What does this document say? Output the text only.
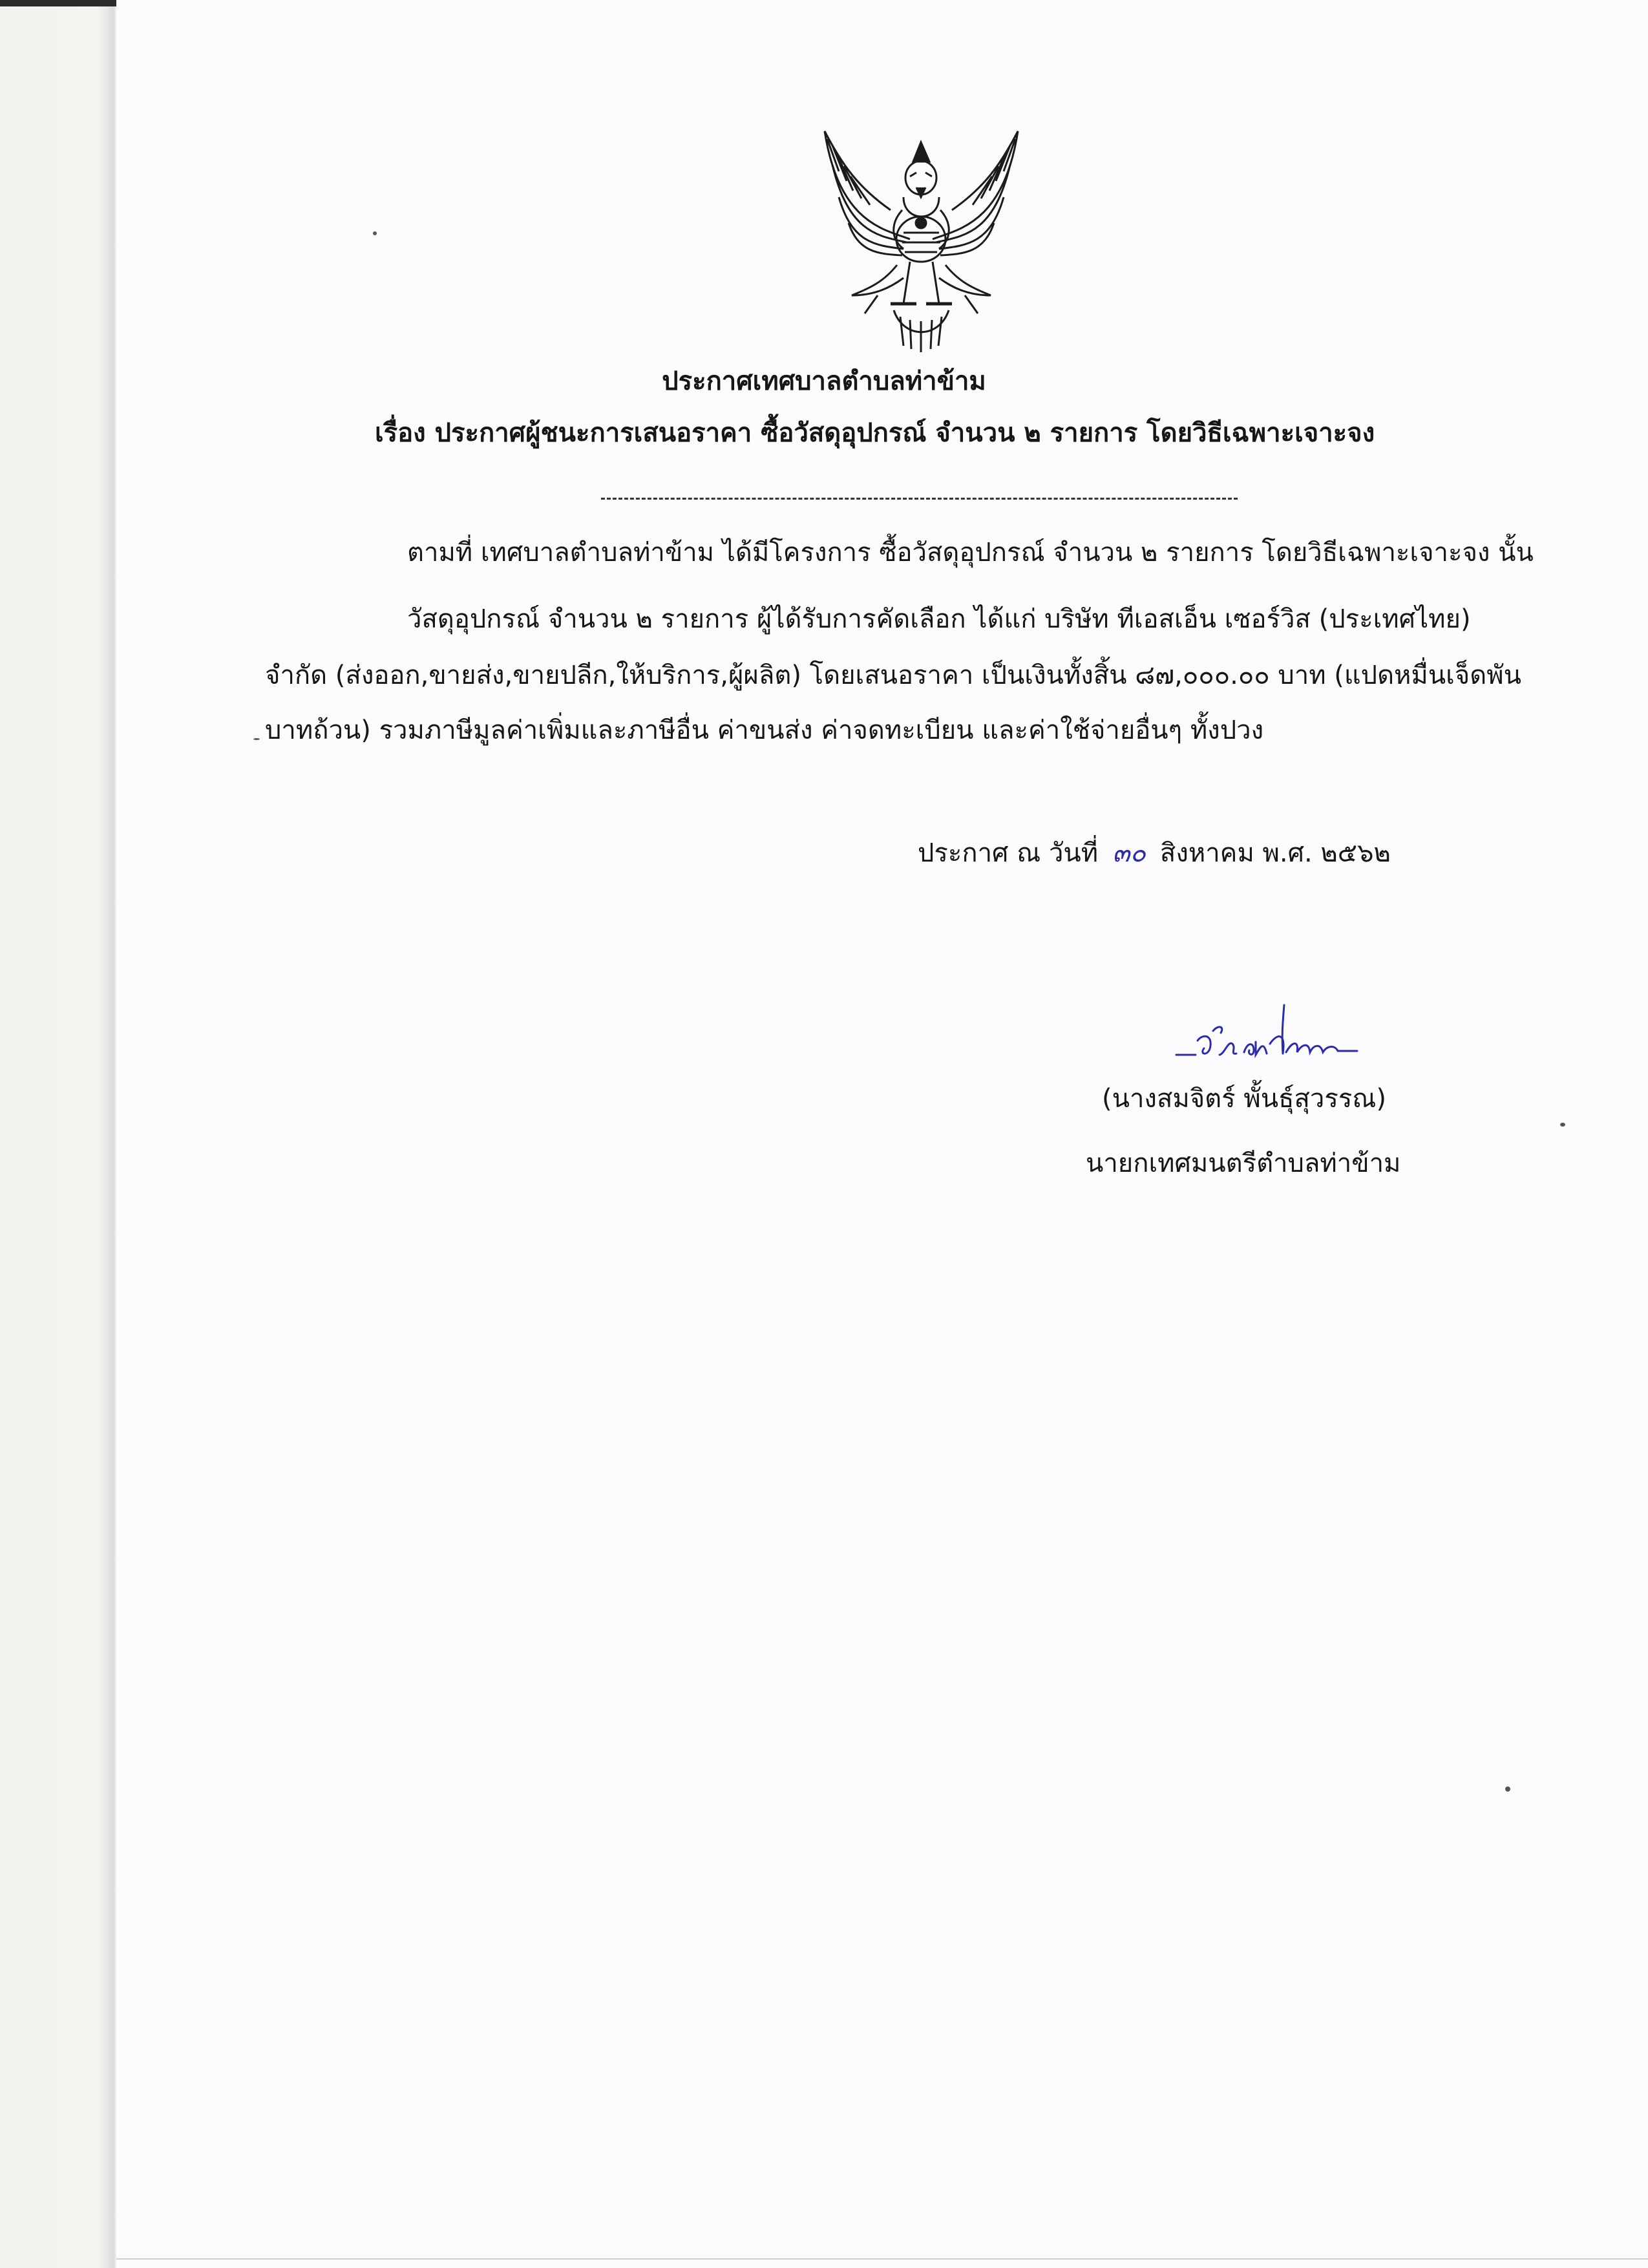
ประกาศเทศบาลตำบลท่าข้าม
เรื่อง ประกาศผู้ชนะการเสนอราคา ซื้อวัสดุอุปกรณ์ จำนวน ๒ รายการ โดยวิธีเฉพาะเจาะจง
ตามที่ เทศบาลตำบลท่าข้าม ได้มีโครงการ ซื้อวัสดุอุปกรณ์ จำนวน ๒ รายการ โดยวิธีเฉพาะเจาะจง นั้น
วัสดุอุปกรณ์ จำนวน ๒ รายการ ผู้ได้รับการคัดเลือก ได้แก่ บริษัท ทีเอสเอ็น เซอร์วิส (ประเทศไทย)
จำกัด (ส่งออก,ขายส่ง,ขายปลีก,ให้บริการ,ผู้ผลิต) โดยเสนอราคา เป็นเงินทั้งสิ้น ๘๗,๐๐๐.๐๐ บาท (แปดหมื่นเจ็ดพัน
บาทถ้วน) รวมภาษีมูลค่าเพิ่มและภาษีอื่น ค่าขนส่ง ค่าจดทะเบียน และค่าใช้จ่ายอื่นๆ ทั้งปวง
ประกาศ ณ วันที่ ๓๐ สิงหาคม พ.ศ. ๒๕๖๒
(นางสมจิตร์ พั้นธุ์สุวรรณ)
นายกเทศมนตรีตำบลท่าข้าม
